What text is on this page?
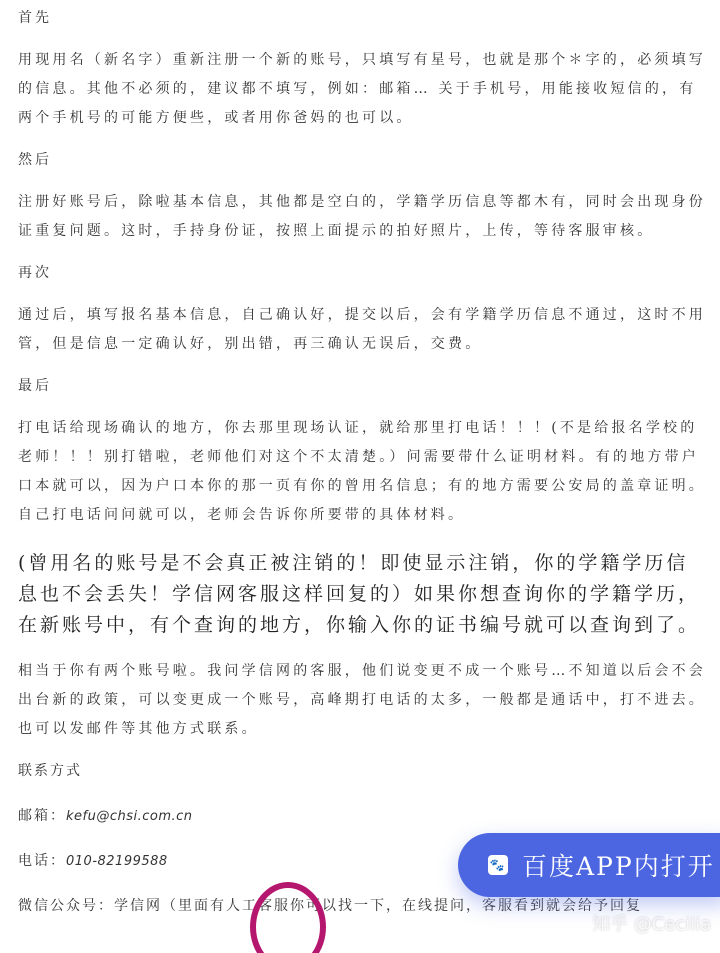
首先
用现用名（新名字）重新注册一个新的账号，只填写有星号，也就是那个＊字的，必须填写的信息。其他不必须的，建议都不填写，例如：邮箱… 关于手机号，用能接收短信的，有两个手机号的可能方便些，或者用你爸妈的也可以。
然后
注册好账号后，除啦基本信息，其他都是空白的，学籍学历信息等都木有，同时会出现身份证重复问题。这时，手持身份证，按照上面提示的拍好照片，上传，等待客服审核。
再次
通过后，填写报名基本信息，自己确认好，提交以后，会有学籍学历信息不通过，这时不用管，但是信息一定确认好，别出错，再三确认无误后，交费。
最后
打电话给现场确认的地方，你去那里现场认证，就给那里打电话！！！(不是给报名学校的老师！！！别打错啦，老师他们对这个不太清楚。）问需要带什么证明材料。有的地方带户口本就可以，因为户口本你的那一页有你的曾用名信息；有的地方需要公安局的盖章证明。自己打电话问问就可以，老师会告诉你所要带的具体材料。
(曾用名的账号是不会真正被注销的！即使显示注销，你的学籍学历信息也不会丢失！学信网客服这样回复的）如果你想查询你的学籍学历，在新账号中，有个查询的地方，你输入你的证书编号就可以查询到了。
相当于你有两个账号啦。我问学信网的客服，他们说变更不成一个账号…不知道以后会不会出台新的政策，可以变更成一个账号，高峰期打电话的太多，一般都是通话中，打不进去。也可以发邮件等其他方式联系。
联系方式
邮箱：kefu@chsi.com.cn
电话：010-82199588
微信公众号：学信网（里面有人工客服你可以找一下，在线提问，客服看到就会给予回复
知乎 @Cecilia
🐾 百度APP内打开
